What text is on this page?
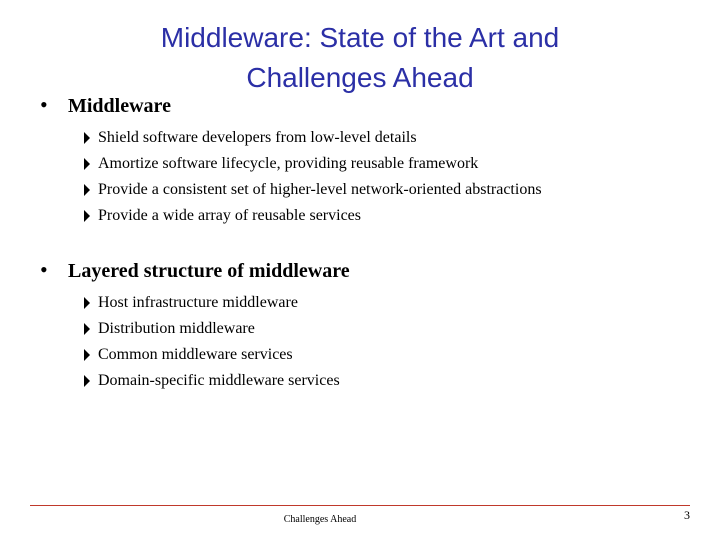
Middleware: State of the Art and
Challenges Ahead
•	Middleware
Shield software developers from low-level details
Amortize software lifecycle, providing reusable framework
Provide a consistent set of higher-level network-oriented abstractions
Provide a wide array of reusable services
•	Layered structure of middleware
Host infrastructure middleware
Distribution middleware
Common middleware services
Domain-specific middleware services
Challenges Ahead	3
